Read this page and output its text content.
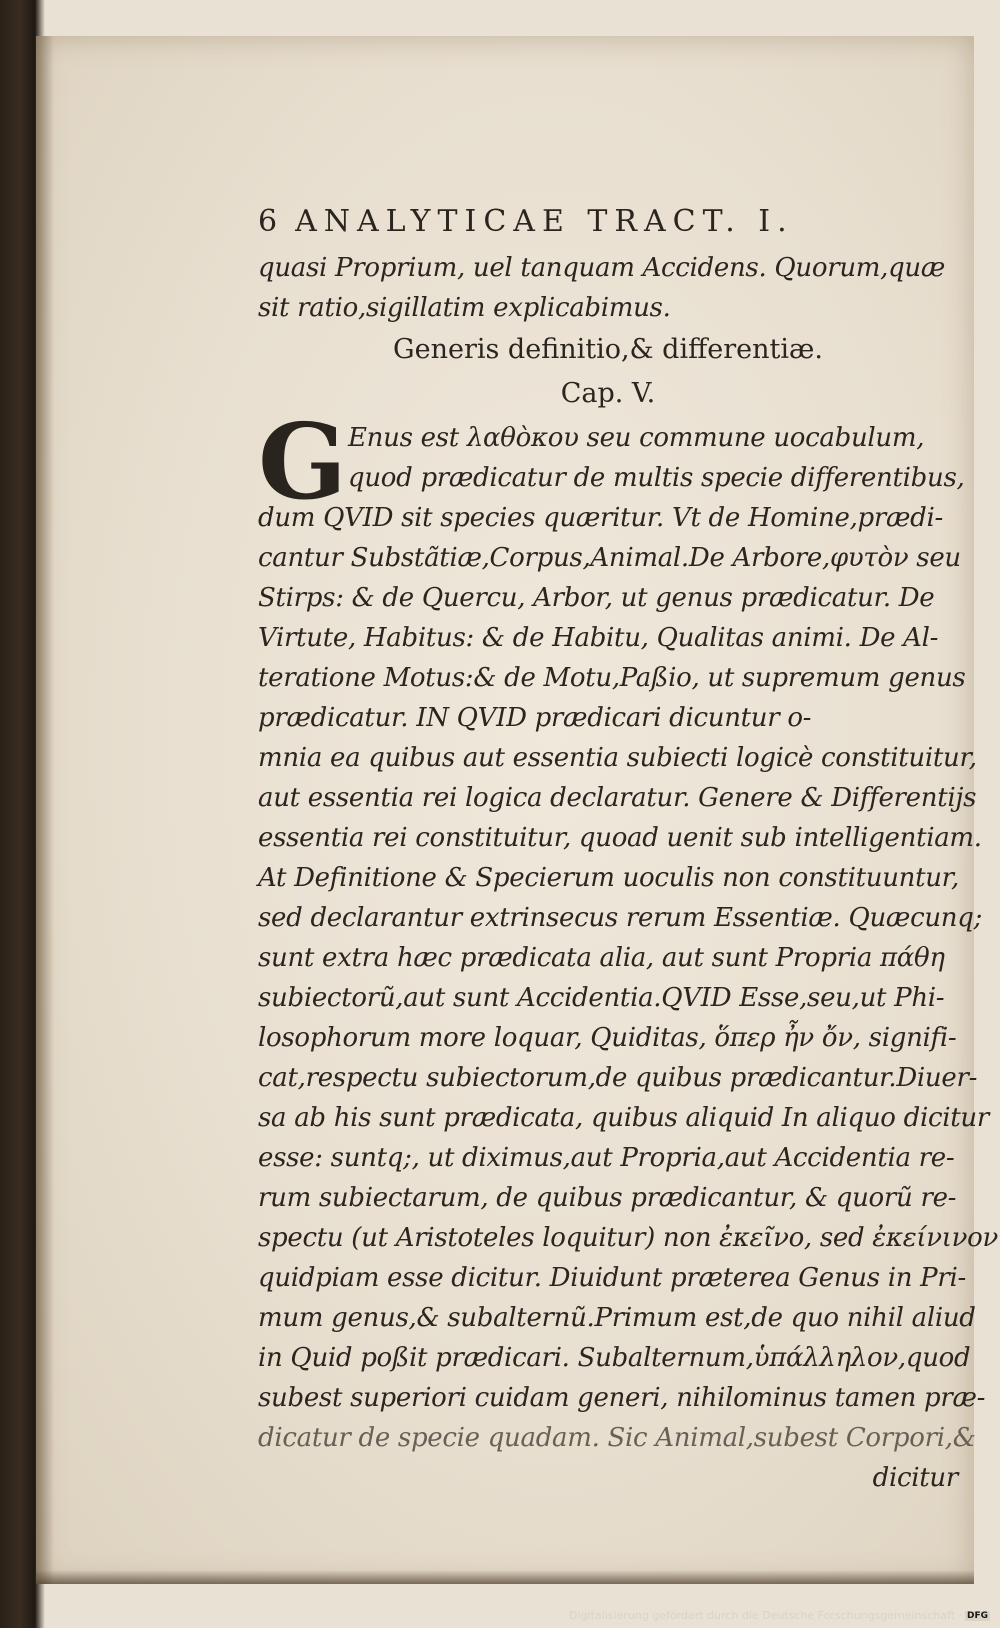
6 ANALYTICAE TRACT. I.
quasi Proprium, uel tanquam Accidens. Quorum,quæ
sit ratio,sigillatim explicabimus.
Generis definitio,& differentiæ.
Cap. V.
G Enus est λαθὸκου seu commune uocabulum,
quod prædicatur de multis specie differentibus,
dum QVID sit species quæritur. Vt de Homine,prædi-
cantur Substãtiæ,Corpus,Animal.De Arbore,φυτὸν seu
Stirps: & de Quercu, Arbor, ut genus prædicatur. De
Virtute, Habitus: & de Habitu, Qualitas animi. De Al-
teratione Motus:& de Motu,Paßio, ut supremum genus
prædicatur. IN QVID prædicari dicuntur o-
mnia ea quibus aut essentia subiecti logicè constituitur,
aut essentia rei logica declaratur. Genere & Differentijs
essentia rei constituitur, quoad uenit sub intelligentiam.
At Definitione & Specierum uoculis non constituuntur,
sed declarantur extrinsecus rerum Essentiæ. Quæcunq;
sunt extra hæc prædicata alia, aut sunt Propria πάθη
subiectorũ,aut sunt Accidentia.QVID Esse,seu,ut Phi-
losophorum more loquar, Quiditas, ὅπερ ἦν ὄν, signifi-
cat,respectu subiectorum,de quibus prædicantur.Diuer-
sa ab his sunt prædicata, quibus aliquid In aliquo dicitur
esse: suntq;, ut diximus,aut Propria,aut Accidentia re-
rum subiectarum, de quibus prædicantur, & quorũ re-
spectu (ut Aristoteles loquitur) non ἐκεῖνο, sed ἐκείνινον
quidpiam esse dicitur. Diuidunt præterea Genus in Pri-
mum genus,& subalternũ.Primum est,de quo nihil aliud
in Quid poßit prædicari. Subalternum,ὑπάλληλον,quod
subest superiori cuidam generi, nihilominus tamen præ-
dicatur de specie quadam. Sic Animal,subest Corpori,&
dicitur
Digitalisierung gefördert durch die Deutsche Forschungsgemeinschaft · DFG
